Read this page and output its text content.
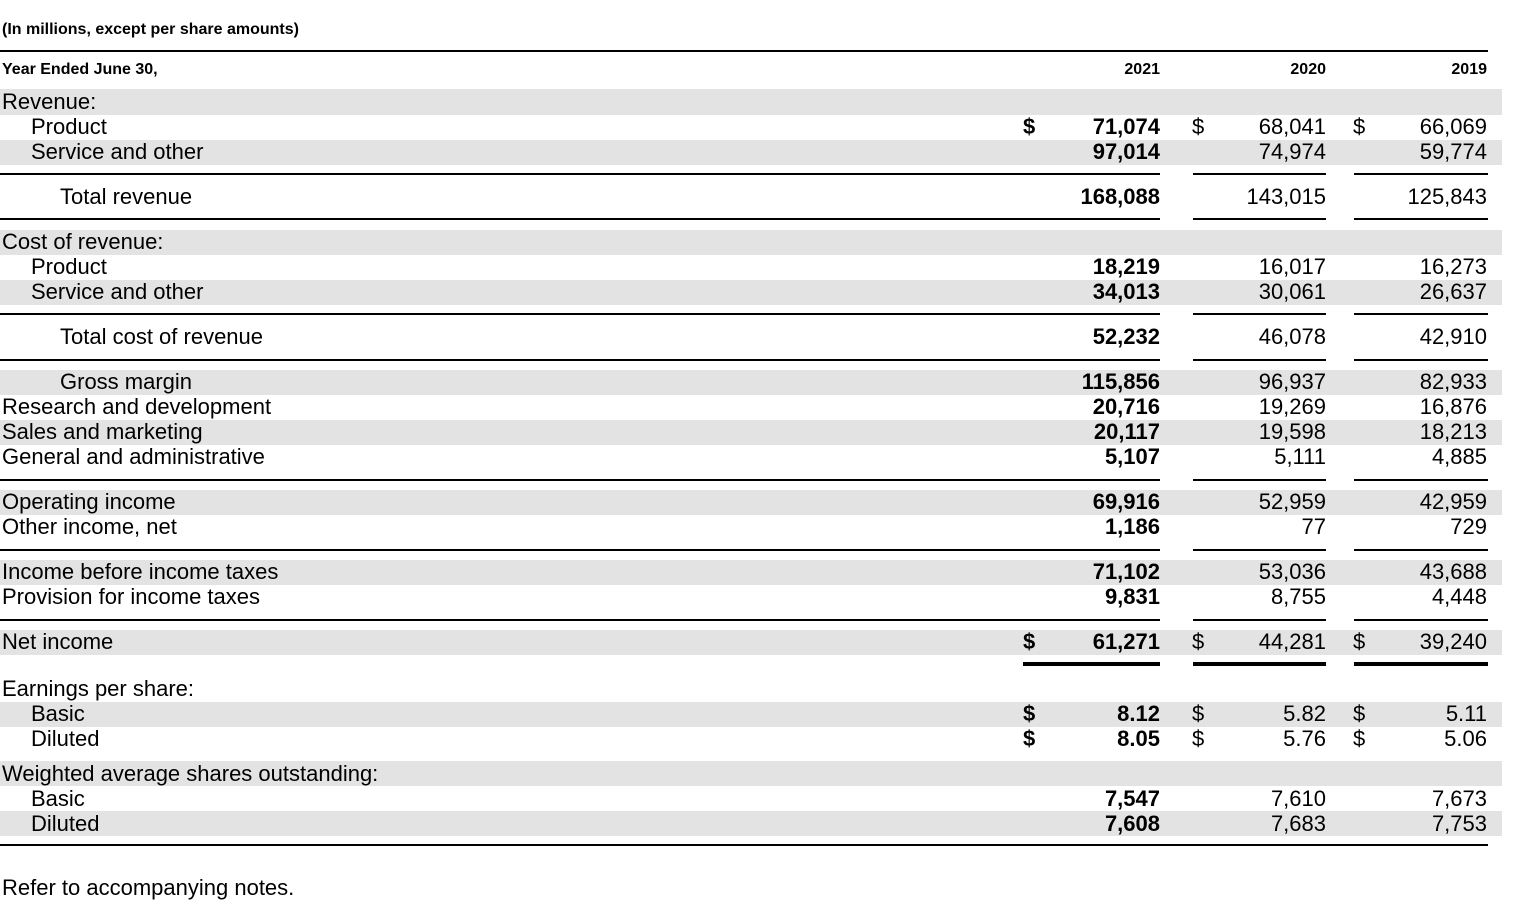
(In millions, except per share amounts)
Year Ended June 30,	2021	2020	2019
Revenue:
Product	$	71,074 $ 68,041 $ 66,069
Service and other	97,014	74,974	59,774
Total revenue	168,088	143,015	125,843
Cost of revenue:
Product	18,219	16,017	16,273
Service and other	34,013	30,061	26,637
Total cost of revenue	52,232	46,078	42,910
Gross margin	115,856	96,937	82,933
Research and development	20,716	19,269	16,876
Sales and marketing	20,117	19,598	18,213
General and administrative	5,107	5,111	4,885
Operating income	69,916	52,959	42,959
Other income, net	1,186	77	729
Income before income taxes	71,102	53,036	43,688
Provision for income taxes	9,831	8,755	4,448
Net income	$	61,271 $ 44,281 $ 39,240
Earnings per share:
Basic	$	8.12 $	5.82 $	5.11
Diluted	$	8.05 $	5.76 $	5.06
Weighted average shares outstanding:
Basic	7,547	7,610	7,673
Diluted	7,608	7,683	7,753
Refer to accompanying notes.
